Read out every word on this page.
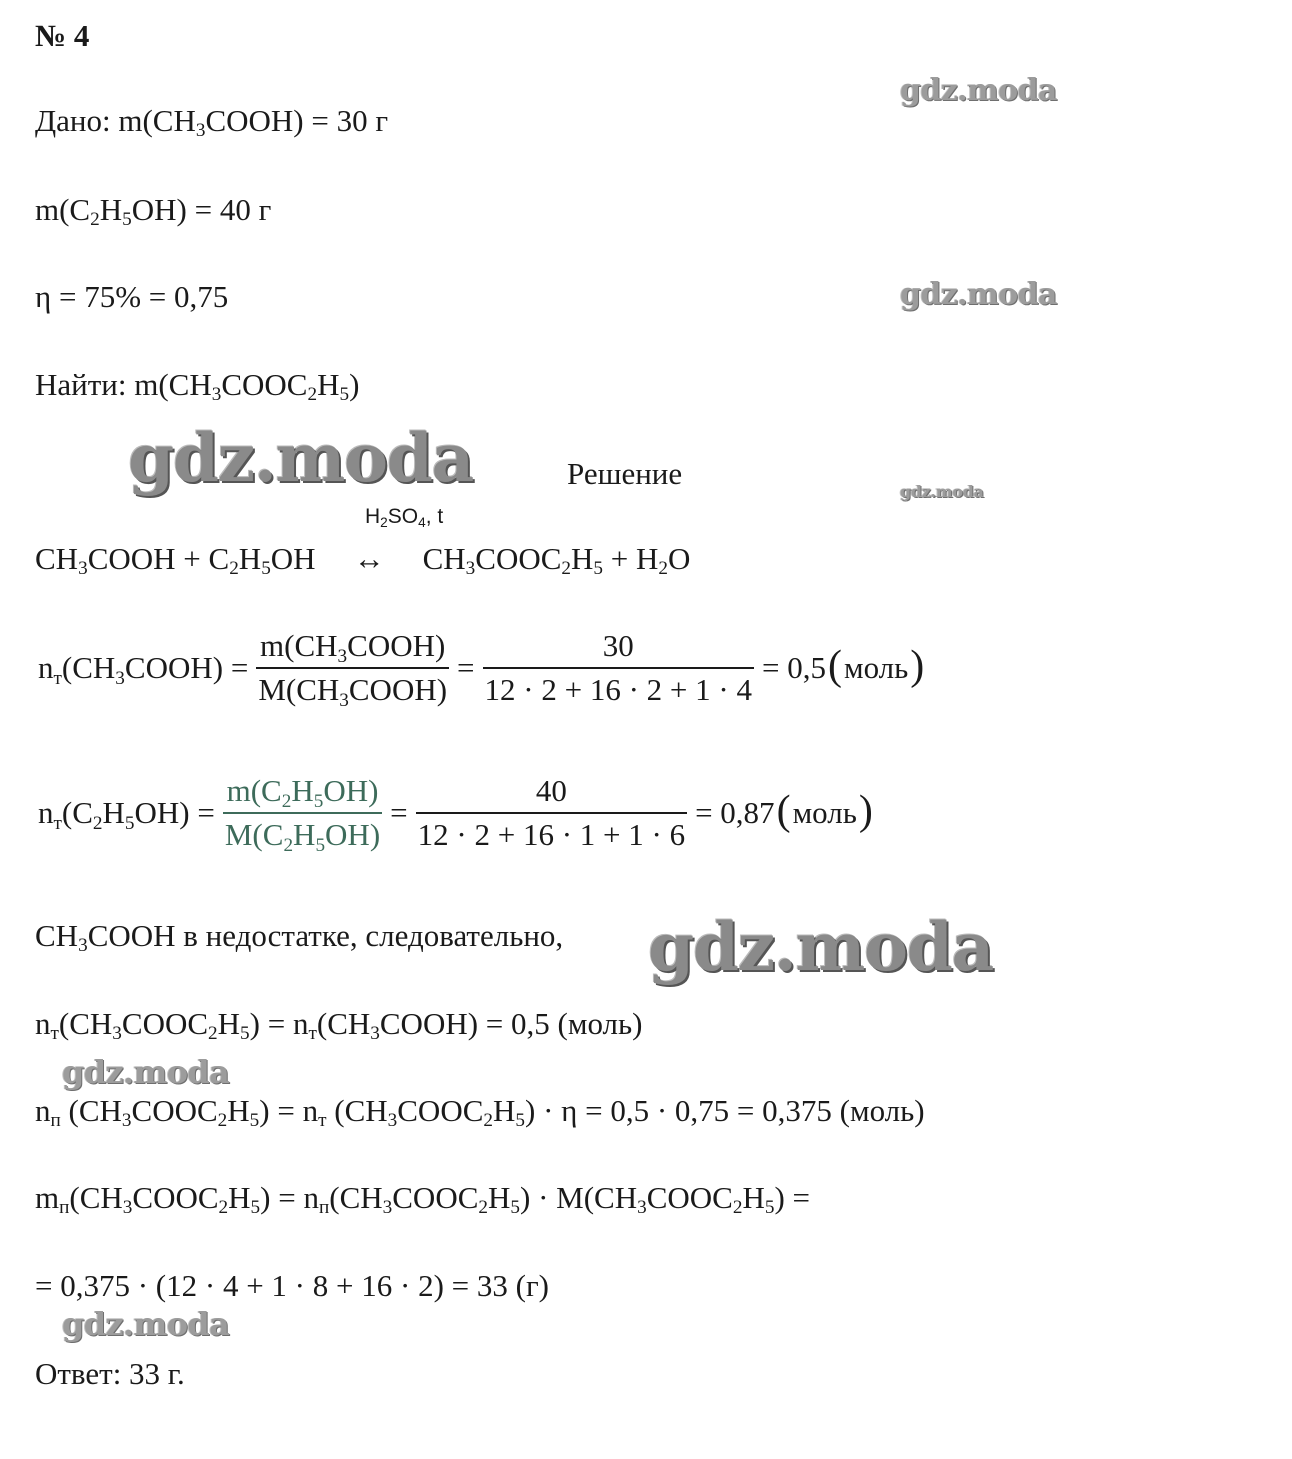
№ 4
Дано: m(CH3COOH) = 30 г
m(C2H5OH) = 40 г
η = 75% = 0,75
Найти: m(CH3COOC2H5)
Решение
H2SO4, t
CH3COOH + C2H5OH ↔ CH3COOC2H5 + H2O
nт(CH3COOH) = $\frac{\text{m(CH3COOH)}}{\text{M(CH3COOH)}} = \frac{30}{12 \cdot 2 + 16 \cdot 2 + 1 \cdot 4} = 0,5$ ( моль )
$nт(C2H5OH) = \frac{m(C2H5OH)}{M(C2H5OH)} = \frac{40}{12 \cdot 2 + 16 \cdot 1 + 1 \cdot 6} = 0,87$ ( моль )
CH3COOH в недостатке, следовательно,
nт(CH3COOC2H5) = nт(CH3COOH) = 0,5 (моль)
nп (CH3COOC2H5) = nт (CH3COOC2H5) · η = 0,5 · 0,75 = 0,375 (моль)
mп(CH3COOC2H5) = nп(CH3COOC2H5) · M(CH3COOC2H5) =
= 0,375 · (12 · 4 + 1 · 8 + 16 · 2) = 33 (г)
Ответ: 33 г.
gdz.moda
gdz.moda
gdz.moda	gdz.moda
gdz.moda
gdz.moda
gdz.moda
